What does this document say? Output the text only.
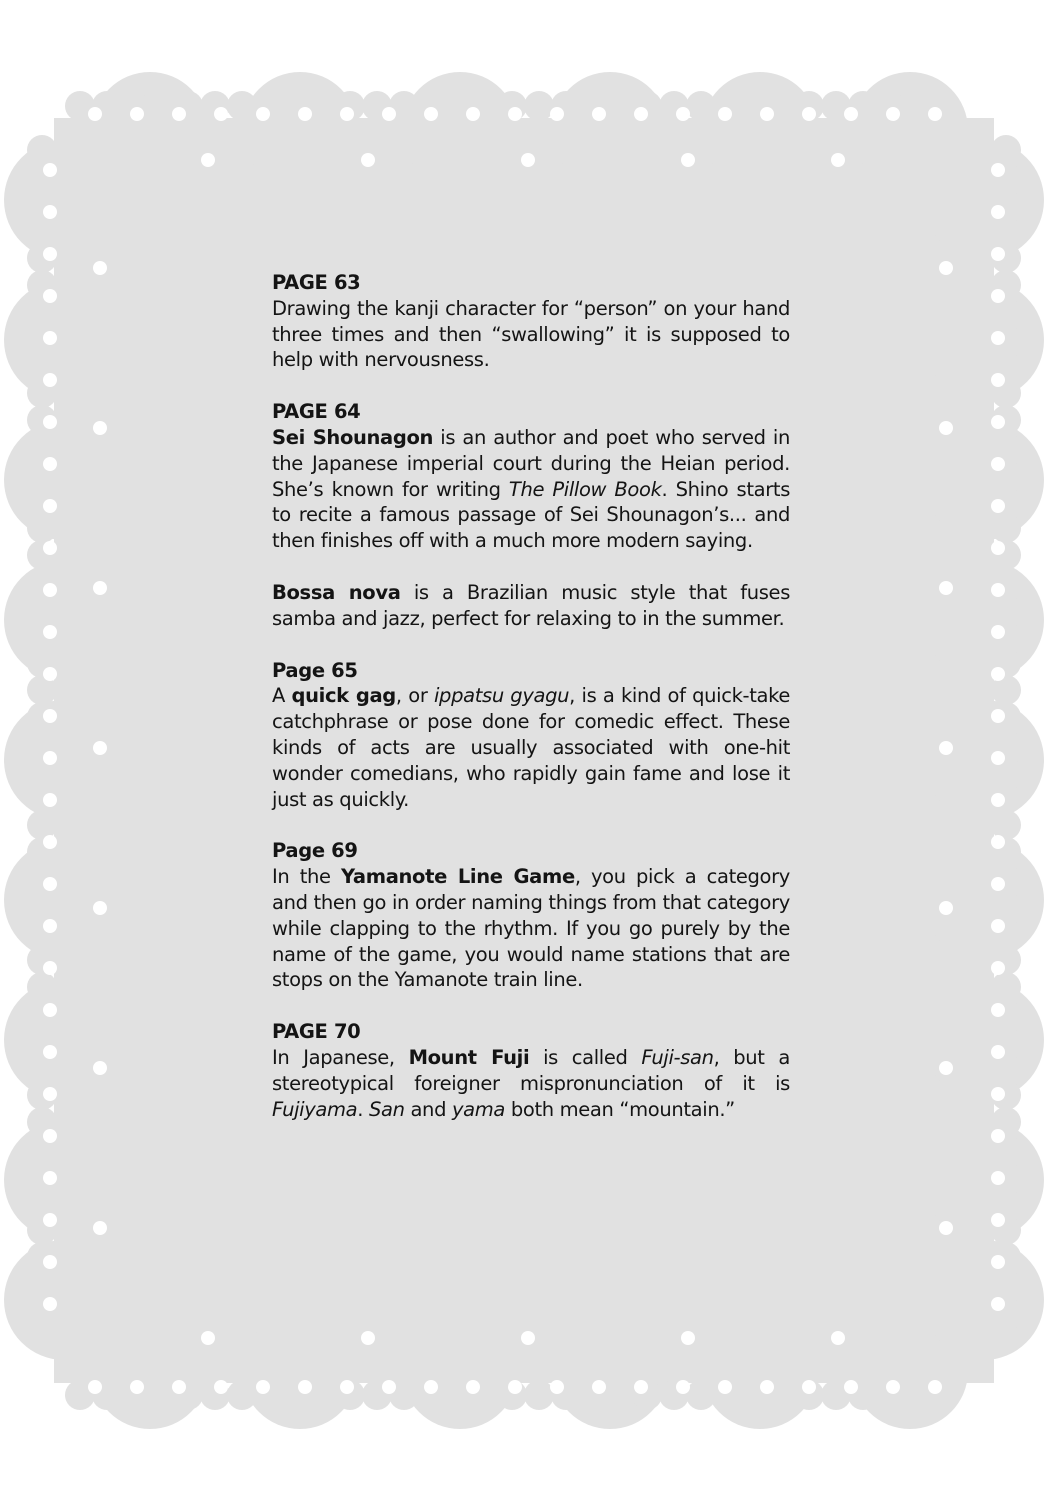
PAGE 63
Drawing the kanji character for “person” on your hand three times and then “swallowing” it is supposed to help with nervousness.
PAGE 64
Sei Shounagon is an author and poet who served in the Japanese imperial court during the Heian period. She’s known for writing The Pillow Book. Shino starts to recite a famous passage of Sei Shounagon’s... and then finishes off with a much more modern saying.
Bossa nova is a Brazilian music style that fuses samba and jazz, perfect for relaxing to in the summer.
Page 65
A quick gag, or ippatsu gyagu, is a kind of quick-take catchphrase or pose done for comedic effect. These kinds of acts are usually associated with one-hit wonder comedians, who rapidly gain fame and lose it just as quickly.
Page 69
In the Yamanote Line Game, you pick a category and then go in order naming things from that category while clapping to the rhythm. If you go purely by the name of the game, you would name stations that are stops on the Yamanote train line.
PAGE 70
In Japanese, Mount Fuji is called Fuji-san, but a stereotypical foreigner mispronunciation of it is Fujiyama. San and yama both mean “mountain.”
